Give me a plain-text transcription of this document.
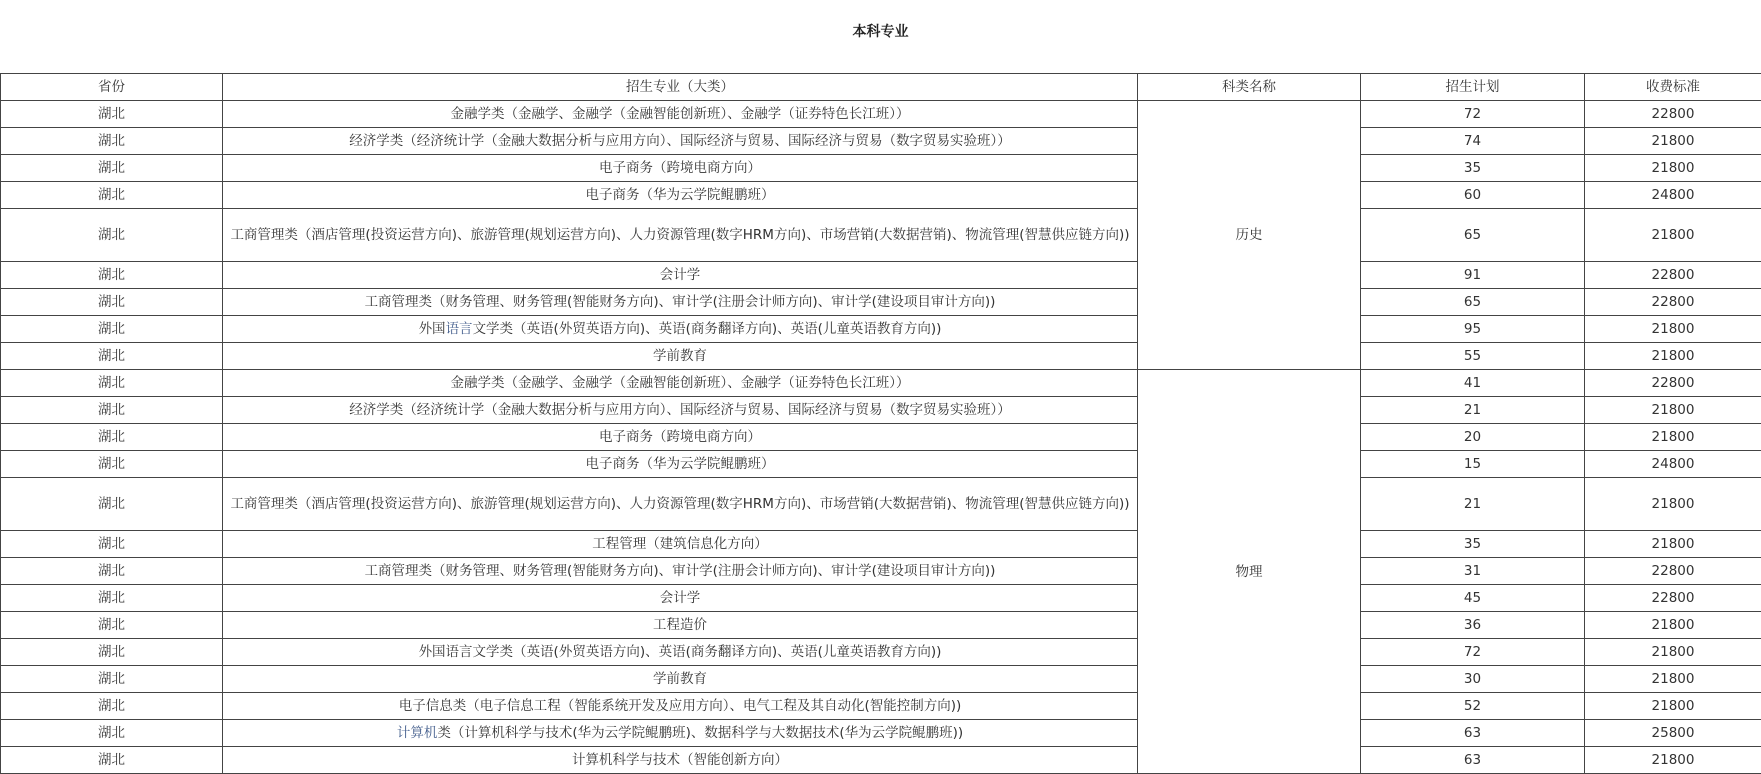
本科专业
省份	招生专业（大类）	科类名称	招生计划	收费标准
湖北	金融学类（金融学、金融学（金融智能创新班）、金融学（证券特色长江班））	历史	72	22800
湖北	经济学类（经济统计学（金融大数据分析与应用方向）、国际经济与贸易、国际经济与贸易（数字贸易实验班））		74	21800
湖北	电子商务（跨境电商方向）		35	21800
湖北	电子商务（华为云学院鲲鹏班）		60	24800
湖北	工商管理类（酒店管理(投资运营方向)、旅游管理(规划运营方向)、人力资源管理(数字HRM方向)、市场营销(大数据营销)、物流管理(智慧供应链方向))		65	21800
湖北	会计学		91	22800
湖北	工商管理类（财务管理、财务管理(智能财务方向)、审计学(注册会计师方向)、审计学(建设项目审计方向))		65	22800
湖北	外国语言文学类（英语(外贸英语方向)、英语(商务翻译方向)、英语(儿童英语教育方向))		95	21800
湖北	学前教育		55	21800
湖北	金融学类（金融学、金融学（金融智能创新班）、金融学（证券特色长江班））	物理	41	22800
湖北	经济学类（经济统计学（金融大数据分析与应用方向）、国际经济与贸易、国际经济与贸易（数字贸易实验班））		21	21800
湖北	电子商务（跨境电商方向）		20	21800
湖北	电子商务（华为云学院鲲鹏班）		15	24800
湖北	工商管理类（酒店管理(投资运营方向)、旅游管理(规划运营方向)、人力资源管理(数字HRM方向)、市场营销(大数据营销)、物流管理(智慧供应链方向))		21	21800
湖北	工程管理（建筑信息化方向）		35	21800
湖北	工商管理类（财务管理、财务管理(智能财务方向)、审计学(注册会计师方向)、审计学(建设项目审计方向))		31	22800
湖北	会计学		45	22800
湖北	工程造价		36	21800
湖北	外国语言文学类（英语(外贸英语方向)、英语(商务翻译方向)、英语(儿童英语教育方向))		72	21800
湖北	学前教育		30	21800
湖北	电子信息类（电子信息工程（智能系统开发及应用方向）、电气工程及其自动化(智能控制方向))		52	21800
湖北	计算机类（计算机科学与技术(华为云学院鲲鹏班)、数据科学与大数据技术(华为云学院鲲鹏班))		63	25800
湖北	计算机科学与技术（智能创新方向）		63	21800
